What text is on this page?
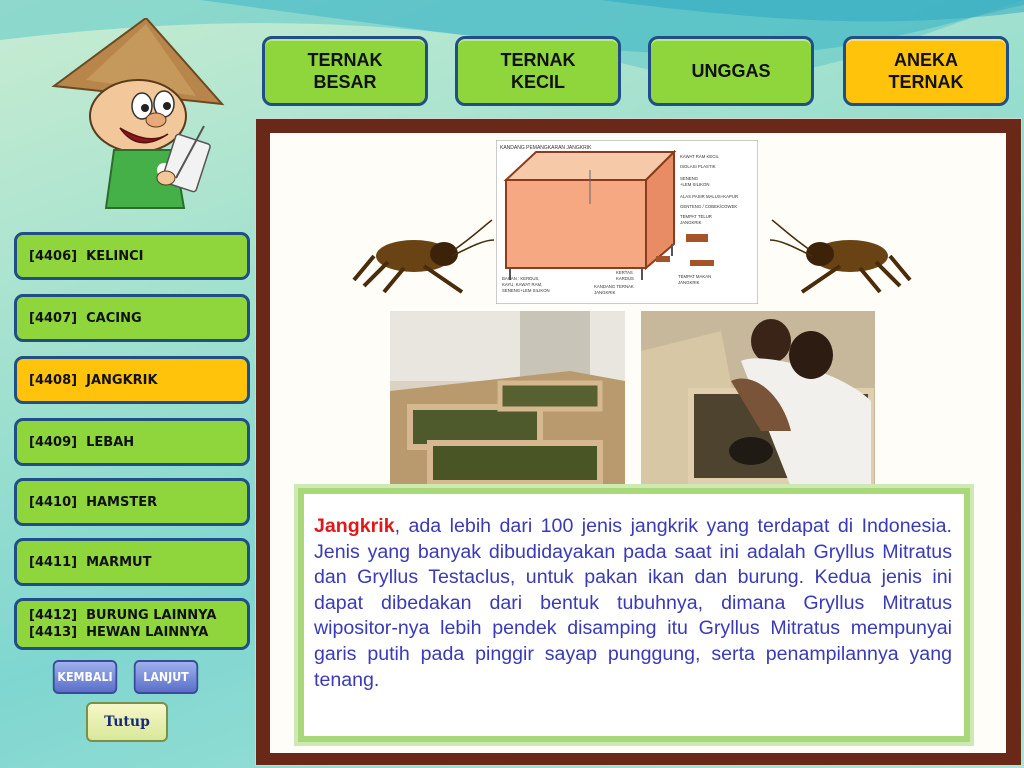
TERNAK
BESAR
TERNAK
KECIL
UNGGAS
ANEKA
TERNAK
[4406]  KELINCI
[4407]  CACING
[4408]  JANGKRIK
[4409]  LEBAH
[4410]  HAMSTER
[4411]  MARMUT
[4412]  BURUNG LAINNYA
[4413]  HEWAN LAINNYA
KEMBALI	LANJUT
Tutup
KANDANG PEMANGKARAN JANGKRIK
KAWAT RAM KECIL
ISOLASI PLASTIK
SENENG
+LEM SILIKON
ALAS PASIR MALUS+KAPUR
GENTENG / COBEK/COWEK
TEMPAT TELUR
JANGKRIK
KERTAS
KARDUS
BAHAN : KERDUS,
KAYU, KAWAT RAM,
SENENG+LEM SILIKON
KANDANG TERNAK
JANGKRIK
TEMPAT MAKAN
JANGKRIK

Jangkrik, ada lebih dari 100 jenis jangkrik yang terdapat di Indonesia. Jenis yang banyak dibudidayakan pada saat ini adalah Gryllus Mitratus dan Gryllus Testaclus, untuk pakan ikan dan burung. Kedua jenis ini dapat dibedakan dari bentuk tubuhnya, dimana Gryllus Mitratus wipositor-nya lebih pendek disamping itu Gryllus Mitratus mempunyai garis putih pada pinggir sayap punggung, serta penampilannya yang tenang.
